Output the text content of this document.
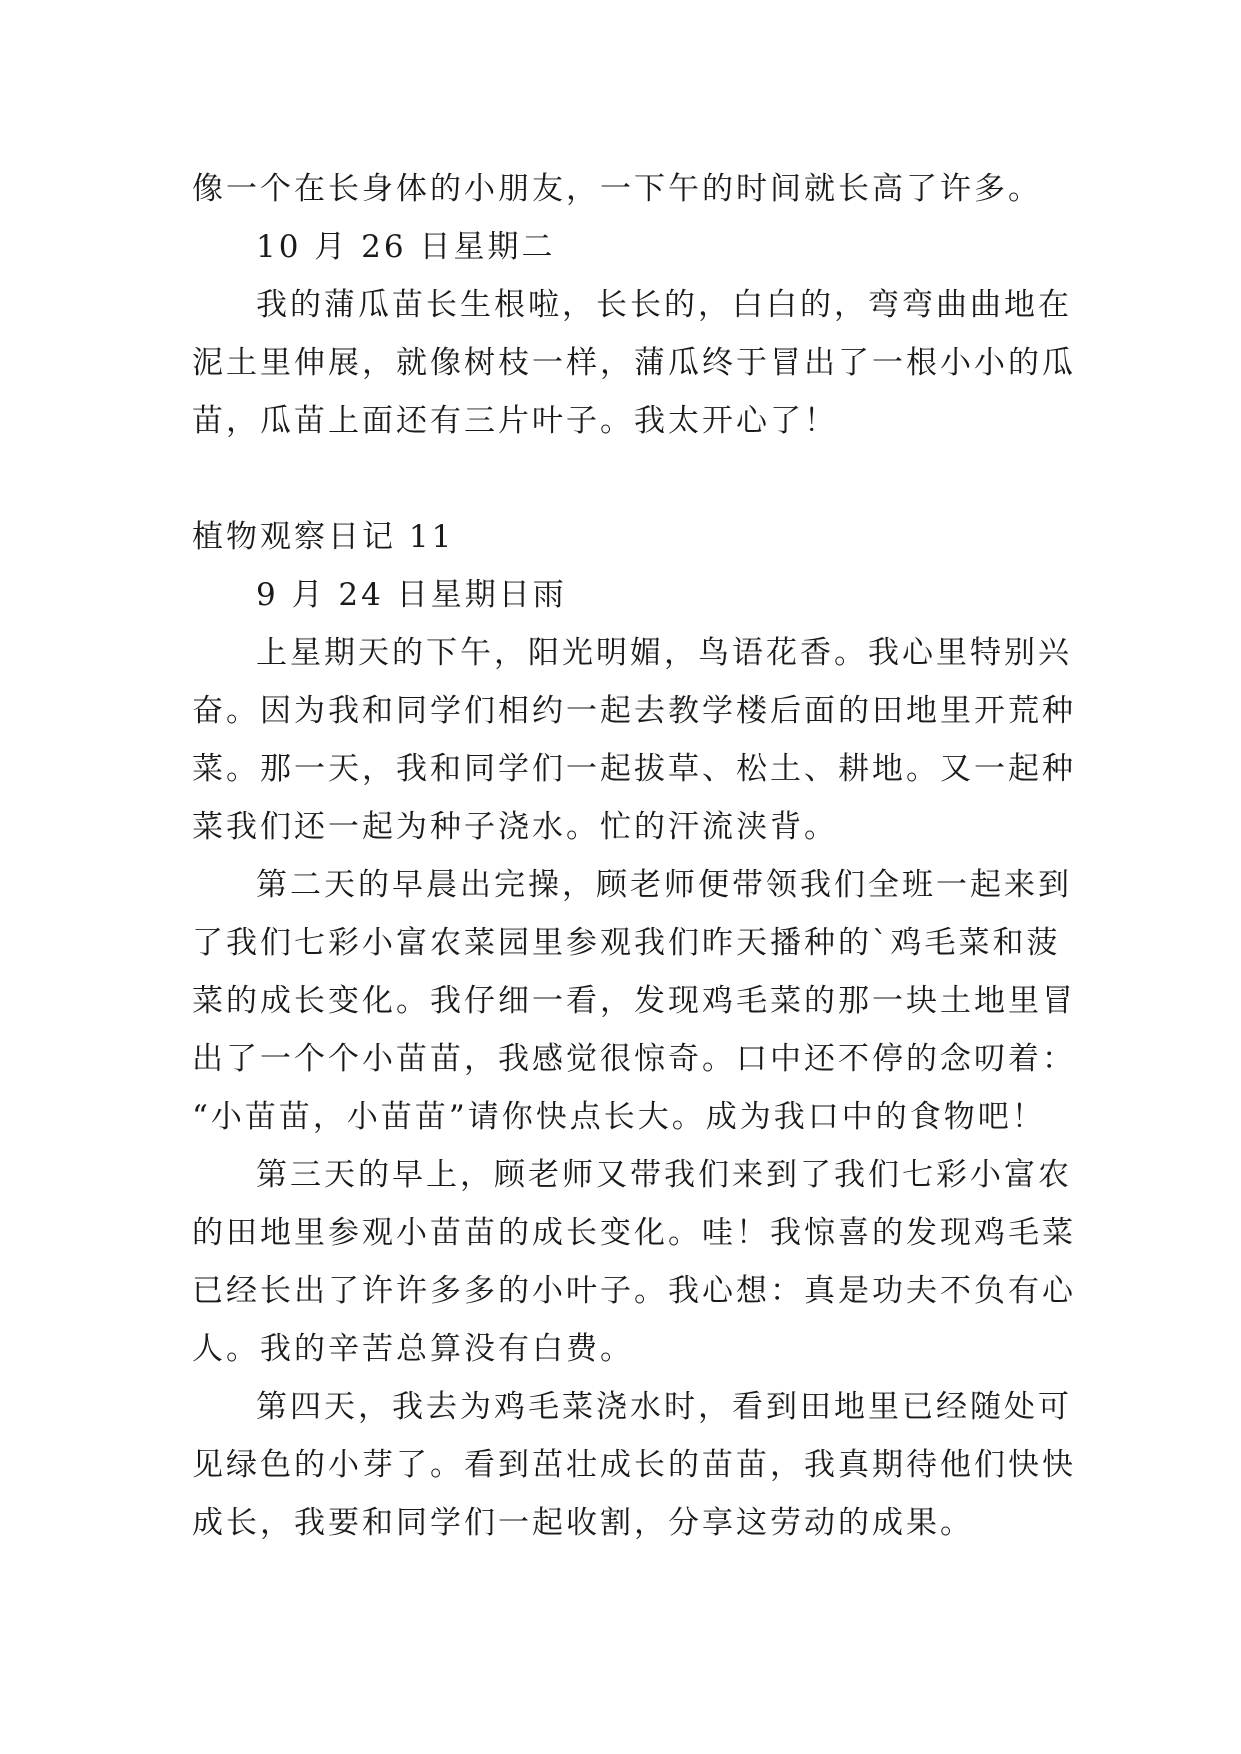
像一个在长身体的小朋友，一下午的时间就长高了许多。
10 月 26 日星期二
我的蒲瓜苗长生根啦，长长的，白白的，弯弯曲曲地在
泥土里伸展，就像树枝一样，蒲瓜终于冒出了一根小小的瓜
苗，瓜苗上面还有三片叶子。我太开心了！
植物观察日记 11
9 月 24 日星期日雨
上星期天的下午，阳光明媚，鸟语花香。我心里特别兴
奋。因为我和同学们相约一起去教学楼后面的田地里开荒种
菜。那一天，我和同学们一起拔草、松土、耕地。又一起种
菜我们还一起为种子浇水。忙的汗流浃背。
第二天的早晨出完操，顾老师便带领我们全班一起来到
了我们七彩小富农菜园里参观我们昨天播种的`鸡毛菜和菠
菜的成长变化。我仔细一看，发现鸡毛菜的那一块土地里冒
出了一个个小苗苗，我感觉很惊奇。口中还不停的念叨着：
“小苗苗，小苗苗”请你快点长大。成为我口中的食物吧！
第三天的早上，顾老师又带我们来到了我们七彩小富农
的田地里参观小苗苗的成长变化。哇！我惊喜的发现鸡毛菜
已经长出了许许多多的小叶子。我心想：真是功夫不负有心
人。我的辛苦总算没有白费。
第四天，我去为鸡毛菜浇水时，看到田地里已经随处可
见绿色的小芽了。看到茁壮成长的苗苗，我真期待他们快快
成长，我要和同学们一起收割，分享这劳动的成果。
